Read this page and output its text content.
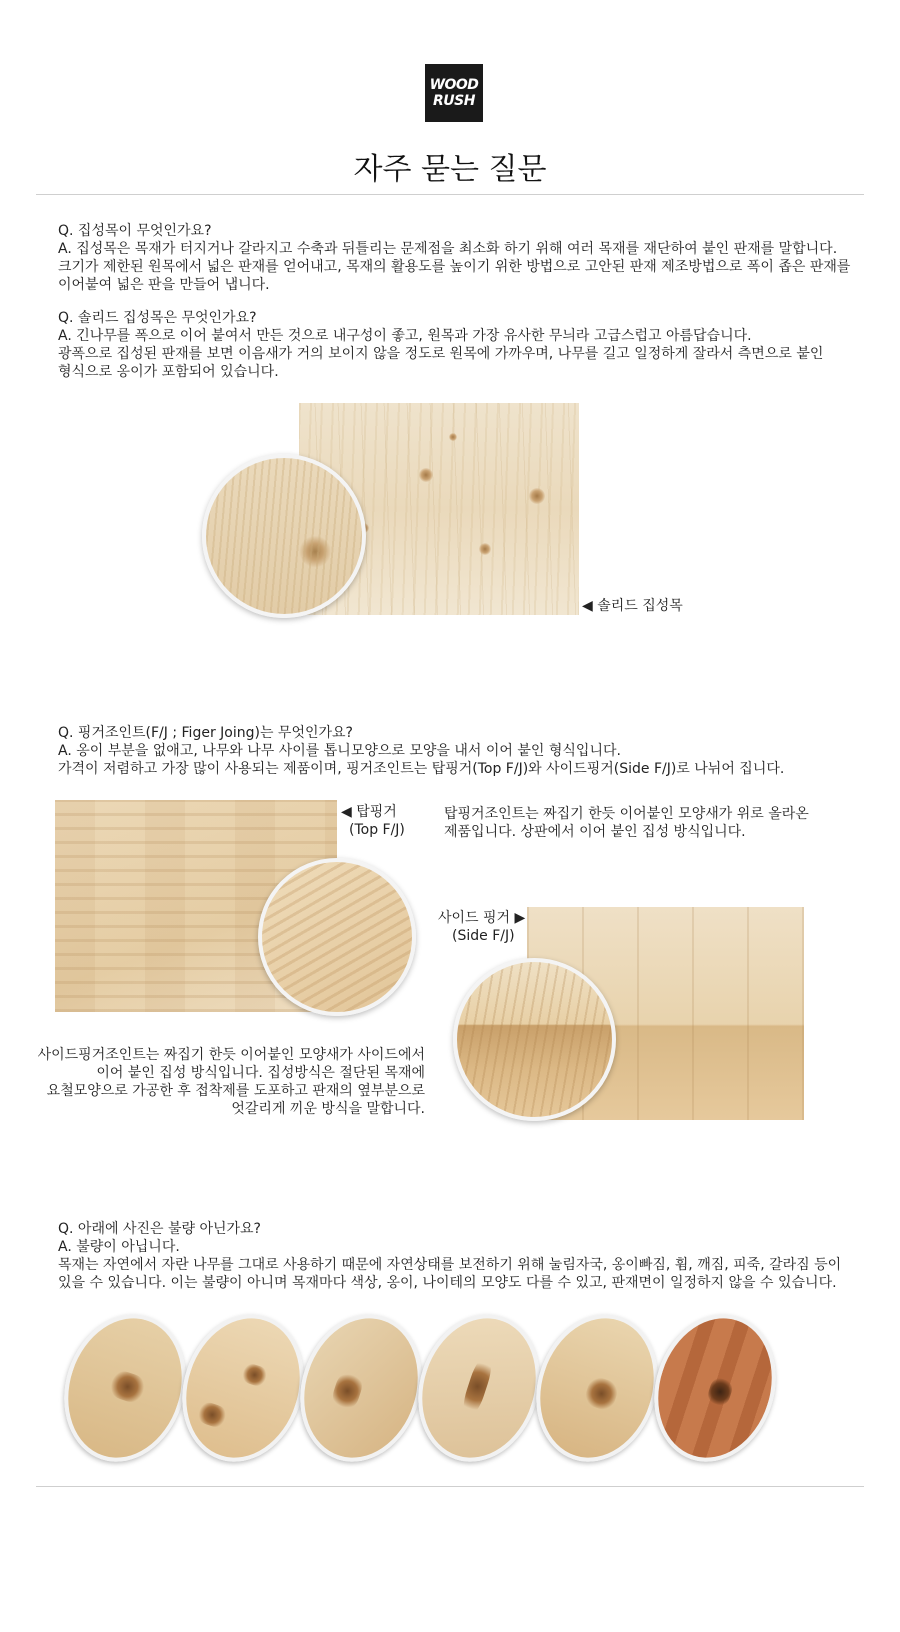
WOOD
RUSH
자주 묻는 질문
Q. 집성목이 무엇인가요?
A. 집성목은 목재가 터지거나 갈라지고 수축과 뒤틀리는 문제점을 최소화 하기 위해 여러 목재를 재단하여 붙인 판재를 말합니다.
크기가 제한된 원목에서 넓은 판재를 얻어내고, 목재의 활용도를 높이기 위한 방법으로 고안된 판재 제조방법으로 폭이 좁은 판재를
이어붙여 넓은 판을 만들어 냅니다.
Q. 솔리드 집성목은 무엇인가요?
A. 긴나무를 폭으로 이어 붙여서 만든 것으로 내구성이 좋고, 원목과 가장 유사한 무늬라 고급스럽고 아름답습니다.
광폭으로 집성된 판재를 보면 이음새가 거의 보이지 않을 정도로 원목에 가까우며, 나무를 길고 일정하게 잘라서 측면으로 붙인
형식으로 옹이가 포함되어 있습니다.
◀ 솔리드 집성목
Q. 핑거조인트(F/J ; Figer Joing)는 무엇인가요?
A. 옹이 부분을 없애고, 나무와 나무 사이를 톱니모양으로 모양을 내서 이어 붙인 형식입니다.
가격이 저렴하고 가장 많이 사용되는 제품이며, 핑거조인트는 탑핑거(Top F/J)와 사이드핑거(Side F/J)로 나뉘어 집니다.
◀ 탑핑거
(Top F/J)
탑핑거조인트는 짜집기 한듯 이어붙인 모양새가 위로 올라온
제품입니다. 상판에서 이어 붙인 집성 방식입니다.
사이드 핑거 ▶
(Side F/J)
사이드핑거조인트는 짜집기 한듯 이어붙인 모양새가 사이드에서
이어 붙인 집성 방식입니다. 집성방식은 절단된 목재에
요철모양으로 가공한 후 접착제를 도포하고 판재의 옆부분으로
엇갈리게 끼운 방식을 말합니다.
Q. 아래에 사진은 불량 아닌가요?
A. 불량이 아닙니다.
목재는 자연에서 자란 나무를 그대로 사용하기 때문에 자연상태를 보전하기 위해 눌림자국, 옹이빠짐, 휨, 깨짐, 피죽, 갈라짐 등이
있을 수 있습니다. 이는 불량이 아니며 목재마다 색상, 옹이, 나이테의 모양도 다를 수 있고, 판재면이 일정하지 않을 수 있습니다.
